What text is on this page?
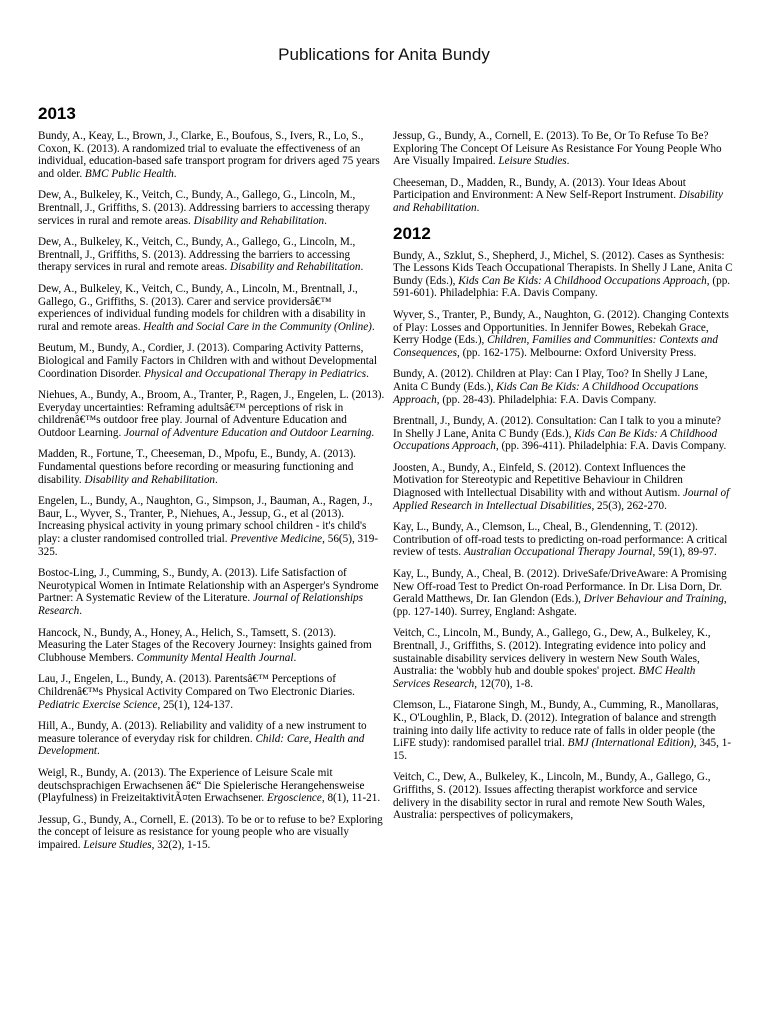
Publications for Anita Bundy
2013
Bundy, A., Keay, L., Brown, J., Clarke, E., Boufous, S., Ivers, R., Lo, S., Coxon, K. (2013). A randomized trial to evaluate the effectiveness of an individual, education-based safe transport program for drivers aged 75 years and older. BMC Public Health.
Dew, A., Bulkeley, K., Veitch, C., Bundy, A., Gallego, G., Lincoln, M., Brentnall, J., Griffiths, S. (2013). Addressing barriers to accessing therapy services in rural and remote areas. Disability and Rehabilitation.
Dew, A., Bulkeley, K., Veitch, C., Bundy, A., Gallego, G., Lincoln, M., Brentnall, J., Griffiths, S. (2013). Addressing the barriers to accessing therapy services in rural and remote areas. Disability and Rehabilitation.
Dew, A., Bulkeley, K., Veitch, C., Bundy, A., Lincoln, M., Brentnall, J., Gallego, G., Griffiths, S. (2013). Carer and service providersâ€™ experiences of individual funding models for children with a disability in rural and remote areas. Health and Social Care in the Community (Online).
Beutum, M., Bundy, A., Cordier, J. (2013). Comparing Activity Patterns, Biological and Family Factors in Children with and without Developmental Coordination Disorder. Physical and Occupational Therapy in Pediatrics.
Niehues, A., Bundy, A., Broom, A., Tranter, P., Ragen, J., Engelen, L. (2013). Everyday uncertainties: Reframing adultsâ€™ perceptions of risk in childrenâ€™s outdoor free play. Journal of Adventure Education and Outdoor Learning. Journal of Adventure Education and Outdoor Learning.
Madden, R., Fortune, T., Cheeseman, D., Mpofu, E., Bundy, A. (2013). Fundamental questions before recording or measuring functioning and disability. Disability and Rehabilitation.
Engelen, L., Bundy, A., Naughton, G., Simpson, J., Bauman, A., Ragen, J., Baur, L., Wyver, S., Tranter, P., Niehues, A., Jessup, G., et al (2013). Increasing physical activity in young primary school children - it's child's play: a cluster randomised controlled trial. Preventive Medicine, 56(5), 319-325.
Bostoc-Ling, J., Cumming, S., Bundy, A. (2013). Life Satisfaction of Neurotypical Women in Intimate Relationship with an Asperger's Syndrome Partner: A Systematic Review of the Literature. Journal of Relationships Research.
Hancock, N., Bundy, A., Honey, A., Helich, S., Tamsett, S. (2013). Measuring the Later Stages of the Recovery Journey: Insights gained from Clubhouse Members. Community Mental Health Journal.
Lau, J., Engelen, L., Bundy, A. (2013). Parentsâ€™ Perceptions of Childrenâ€™s Physical Activity Compared on Two Electronic Diaries. Pediatric Exercise Science, 25(1), 124-137.
Hill, A., Bundy, A. (2013). Reliability and validity of a new instrument to measure tolerance of everyday risk for children. Child: Care, Health and Development.
Weigl, R., Bundy, A. (2013). The Experience of Leisure Scale mit deutschsprachigen Erwachsenen â€“ Die Spielerische Herangehensweise (Playfulness) in FreizeitaktivitÃ¤ten Erwachsener. Ergoscience, 8(1), 11-21.
Jessup, G., Bundy, A., Cornell, E. (2013). To be or to refuse to be? Exploring the concept of leisure as resistance for young people who are visually impaired. Leisure Studies, 32(2), 1-15.
Jessup, G., Bundy, A., Cornell, E. (2013). To Be, Or To Refuse To Be? Exploring The Concept Of Leisure As Resistance For Young People Who Are Visually Impaired. Leisure Studies.
Cheeseman, D., Madden, R., Bundy, A. (2013). Your Ideas About Participation and Environment: A New Self-Report Instrument. Disability and Rehabilitation.
2012
Bundy, A., Szklut, S., Shepherd, J., Michel, S. (2012). Cases as Synthesis: The Lessons Kids Teach Occupational Therapists. In Shelly J Lane, Anita C Bundy (Eds.), Kids Can Be Kids: A Childhood Occupations Approach, (pp. 591-601). Philadelphia: F.A. Davis Company.
Wyver, S., Tranter, P., Bundy, A., Naughton, G. (2012). Changing Contexts of Play: Losses and Opportunities. In Jennifer Bowes, Rebekah Grace, Kerry Hodge (Eds.), Children, Families and Communities: Contexts and Consequences, (pp. 162-175). Melbourne: Oxford University Press.
Bundy, A. (2012). Children at Play: Can I Play, Too? In Shelly J Lane, Anita C Bundy (Eds.), Kids Can Be Kids: A Childhood Occupations Approach, (pp. 28-43). Philadelphia: F.A. Davis Company.
Brentnall, J., Bundy, A. (2012). Consultation: Can I talk to you a minute? In Shelly J Lane, Anita C Bundy (Eds.), Kids Can Be Kids: A Childhood Occupations Approach, (pp. 396-411). Philadelphia: F.A. Davis Company.
Joosten, A., Bundy, A., Einfeld, S. (2012). Context Influences the Motivation for Stereotypic and Repetitive Behaviour in Children Diagnosed with Intellectual Disability with and without Autism. Journal of Applied Research in Intellectual Disabilities, 25(3), 262-270.
Kay, L., Bundy, A., Clemson, L., Cheal, B., Glendenning, T. (2012). Contribution of off-road tests to predicting on-road performance: A critical review of tests. Australian Occupational Therapy Journal, 59(1), 89-97.
Kay, L., Bundy, A., Cheal, B. (2012). DriveSafe/DriveAware: A Promising New Off-road Test to Predict On-road Performance. In Dr. Lisa Dorn, Dr. Gerald Matthews, Dr. Ian Glendon (Eds.), Driver Behaviour and Training, (pp. 127-140). Surrey, England: Ashgate.
Veitch, C., Lincoln, M., Bundy, A., Gallego, G., Dew, A., Bulkeley, K., Brentnall, J., Griffiths, S. (2012). Integrating evidence into policy and sustainable disability services delivery in western New South Wales, Australia: the 'wobbly hub and double spokes' project. BMC Health Services Research, 12(70), 1-8.
Clemson, L., Fiatarone Singh, M., Bundy, A., Cumming, R., Manollaras, K., O'Loughlin, P., Black, D. (2012). Integration of balance and strength training into daily life activity to reduce rate of falls in older people (the LiFE study): randomised parallel trial. BMJ (International Edition), 345, 1-15.
Veitch, C., Dew, A., Bulkeley, K., Lincoln, M., Bundy, A., Gallego, G., Griffiths, S. (2012). Issues affecting therapist workforce and service delivery in the disability sector in rural and remote New South Wales, Australia: perspectives of policymakers,
